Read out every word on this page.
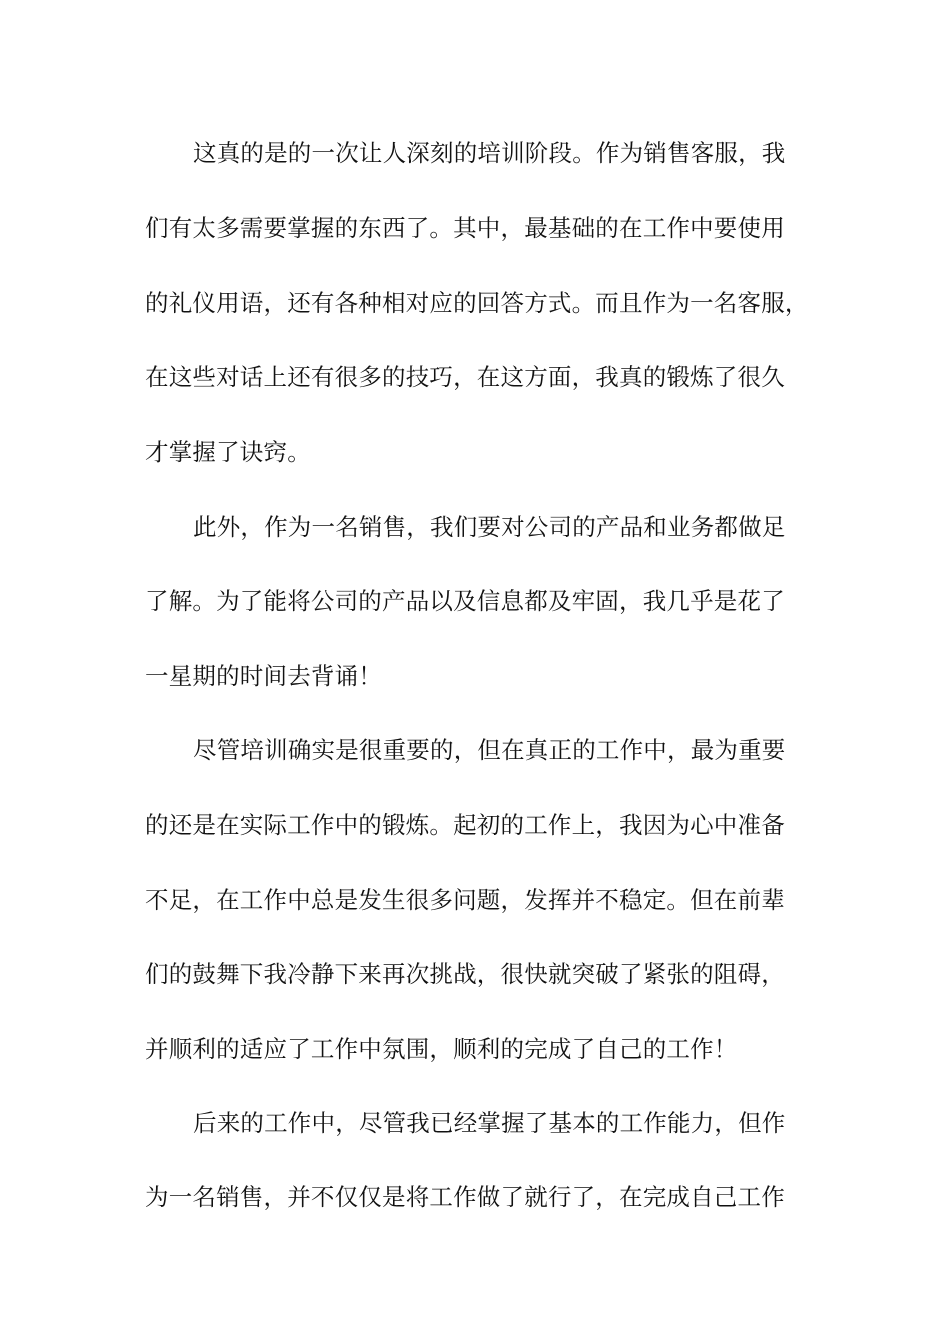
这真的是的一次让人深刻的培训阶段。作为销售客服，我
们有太多需要掌握的东西了。其中，最基础的在工作中要使用
的礼仪用语，还有各种相对应的回答方式。而且作为一名客服，
在这些对话上还有很多的技巧，在这方面，我真的锻炼了很久
才掌握了诀窍。
此外，作为一名销售，我们要对公司的产品和业务都做足
了解。为了能将公司的产品以及信息都及牢固，我几乎是花了
一星期的时间去背诵！
尽管培训确实是很重要的，但在真正的工作中，最为重要
的还是在实际工作中的锻炼。起初的工作上，我因为心中准备
不足，在工作中总是发生很多问题，发挥并不稳定。但在前辈
们的鼓舞下我冷静下来再次挑战，很快就突破了紧张的阻碍，
并顺利的适应了工作中氛围，顺利的完成了自己的工作！
后来的工作中，尽管我已经掌握了基本的工作能力，但作
为一名销售，并不仅仅是将工作做了就行了，在完成自己工作
